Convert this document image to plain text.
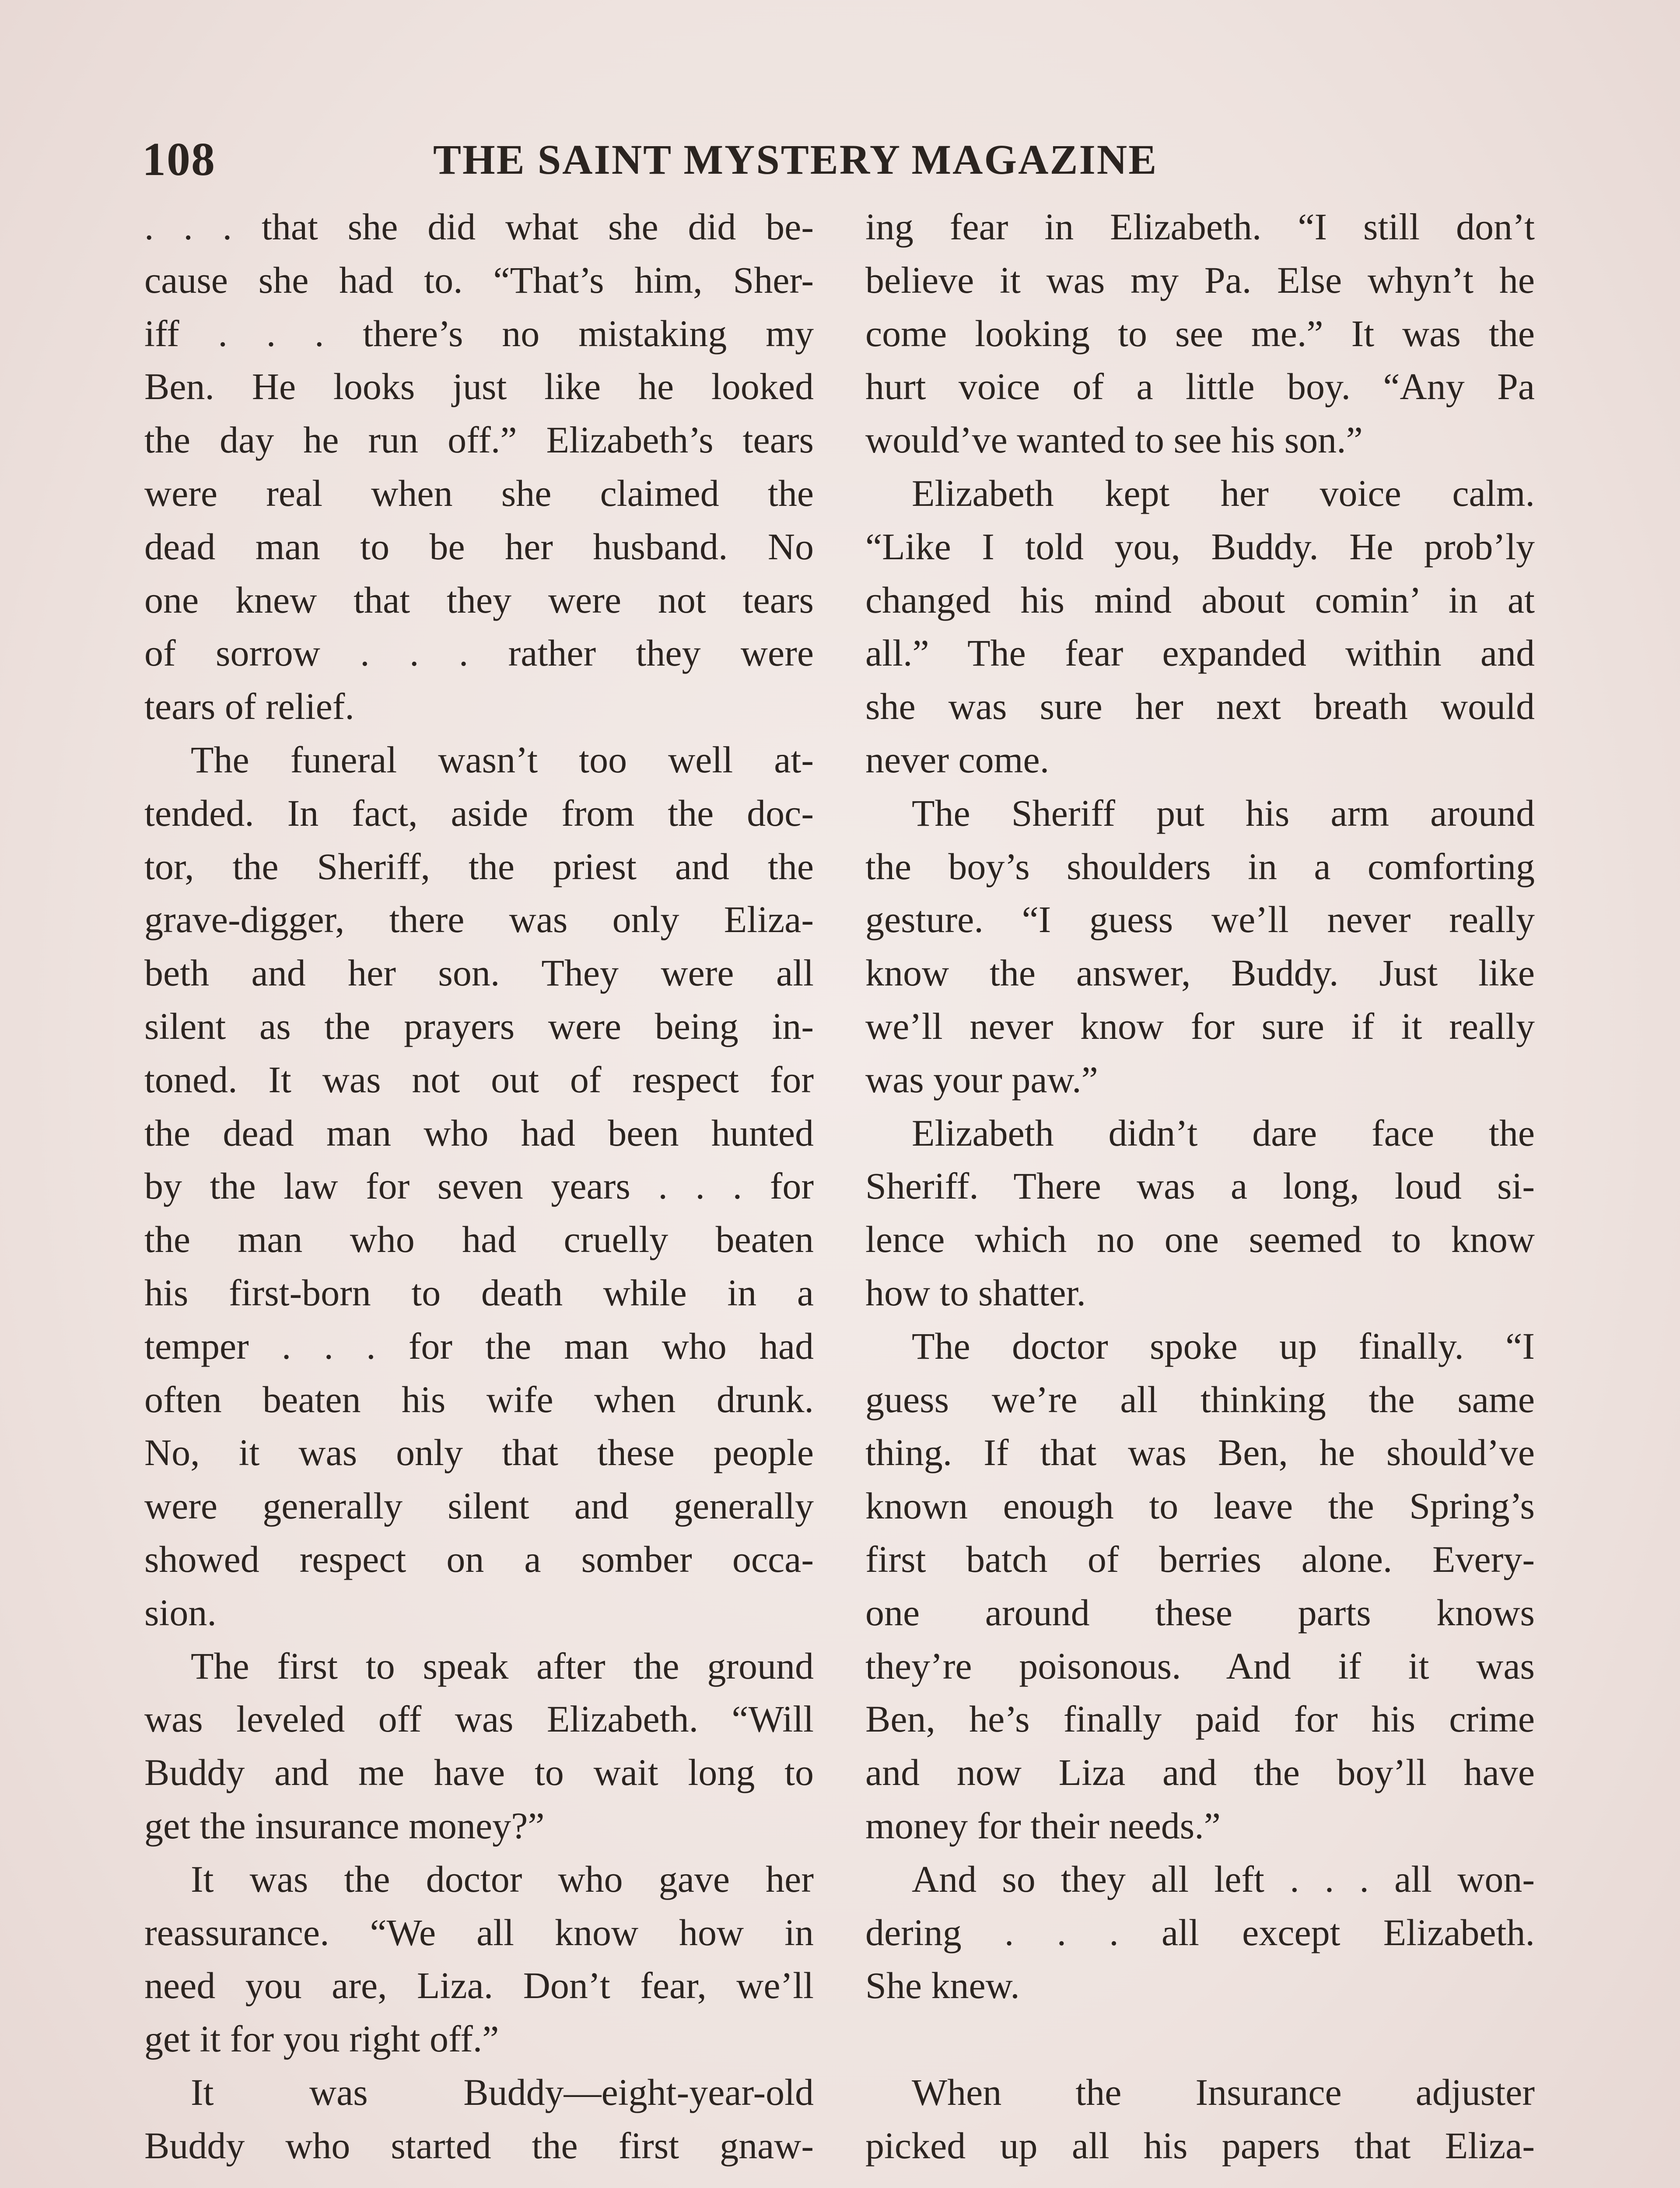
108	THE SAINT MYSTERY MAGAZINE
. . . that she did what she did be-
cause she had to. “That’s him, Sher-
iff . . . there’s no mistaking my
Ben. He looks just like he looked
the day he run off.” Elizabeth’s tears
were real when she claimed the
dead man to be her husband. No
one knew that they were not tears
of sorrow . . . rather they were
tears of relief.
The funeral wasn’t too well at-
tended. In fact, aside from the doc-
tor, the Sheriff, the priest and the
grave-digger, there was only Eliza-
beth and her son. They were all
silent as the prayers were being in-
toned. It was not out of respect for
the dead man who had been hunted
by the law for seven years . . . for
the man who had cruelly beaten
his first-born to death while in a
temper . . . for the man who had
often beaten his wife when drunk.
No, it was only that these people
were generally silent and generally
showed respect on a somber occa-
sion.
The first to speak after the ground
was leveled off was Elizabeth. “Will
Buddy and me have to wait long to
get the insurance money?”
It was the doctor who gave her
reassurance. “We all know how in
need you are, Liza. Don’t fear, we’ll
get it for you right off.”
It was Buddy—eight-year-old
Buddy who started the first gnaw-
ing fear in Elizabeth. “I still don’t
believe it was my Pa. Else whyn’t he
come looking to see me.” It was the
hurt voice of a little boy. “Any Pa
would’ve wanted to see his son.”
Elizabeth kept her voice calm.
“Like I told you, Buddy. He prob’ly
changed his mind about comin’ in at
all.” The fear expanded within and
she was sure her next breath would
never come.
The Sheriff put his arm around
the boy’s shoulders in a comforting
gesture. “I guess we’ll never really
know the answer, Buddy. Just like
we’ll never know for sure if it really
was your paw.”
Elizabeth didn’t dare face the
Sheriff. There was a long, loud si-
lence which no one seemed to know
how to shatter.
The doctor spoke up finally. “I
guess we’re all thinking the same
thing. If that was Ben, he should’ve
known enough to leave the Spring’s
first batch of berries alone. Every-
one around these parts knows
they’re poisonous. And if it was
Ben, he’s finally paid for his crime
and now Liza and the boy’ll have
money for their needs.”
And so they all left . . . all won-
dering . . . all except Elizabeth.
She knew.
When the Insurance adjuster
picked up all his papers that Eliza-
